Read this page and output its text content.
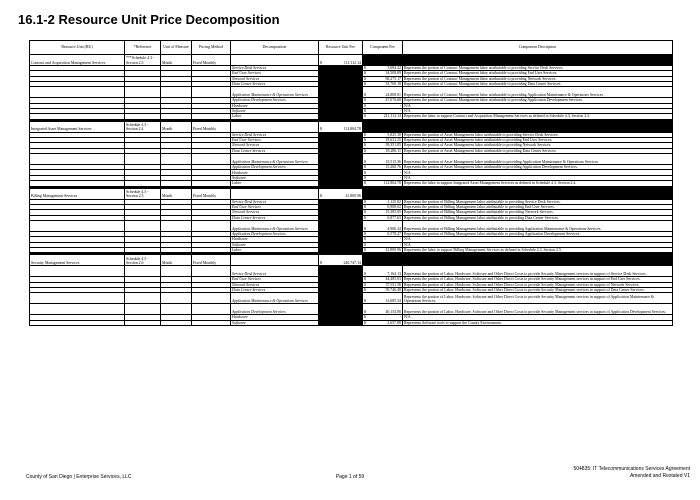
16.1-2 Resource Unit Price Decomposition
Resource Unit (RU)	*Reference	Unit of Measure	Pricing Method	Decomposition	Resource Unit Fee	Component Fee	Component Description
Contract and Acquisition Management Services	***Schedule 4.3 - Section 2.3	Month	Fixed Monthly		$ 111,112.14		

				Service Desk Services		$ 5,684.42	Represents the portion of Contract Management labor attributable to providing Service Desk Services.
				End User Services		$ 34,508.89	Represents the portion of Contract Management labor attributable to providing End User Services.
				Network Services		$ 68,275.17	Represents the portion of Contract Management labor attributable to providing Network Services.
				Data Center Services		$ 33,760.18	Represents the portion of Contract Management labor attributable to providing Data Center Services.
				Application Maintenance & Operations Services		$ 24,808.81	Represents the portion of Contract Management labor attributable to providing Application Maintenance & Operations Services.
				Application Development Services		$ 47,076.68	Represents the portion of Contract Management labor attributable to providing Application Development Services.
				Hardware		$ -	N/A
				Software		$ -	N/A
				Labor		$ 211,112.14	Represents the labor to support Contract and Acquisition Management Services as defined in Schedule 4.3, Section 2.3.

Integrated Asset Management Services	Schedule 4.3 - Section 2.4	Month	Fixed Monthly		$ 112,804.78		

				Service Desk Services		$ 5,825.30	Represents the portion of Asset Management labor attributable to providing Service Desk Services.
				End User Services		$ 18,631.25	Represents the portion of Asset Management labor attributable to providing End User Services.
				Network Services		$ 39,351.85	Represents the portion of Asset Management labor attributable to providing Network Services.
				Data Center Services		$ 18,286.11	Represents the portion of Asset Management labor attributable to providing Data Center Services.
				Application Maintenance & Operations Services		$ 15,515.36	Represents the portion of Asset Management labor attributable to providing Application Maintenance & Operations Services.
				Application Development Services		$ 15,260.76	Represents the portion of Asset Management labor attributable to providing Application Development Services.
				Hardware		$ -	N/A
				Software		$ -	N/A
				Labor		$ 112,804.78	Represents the labor to support Integrated Asset Management Services as defined in Schedule 4.3, Section 2.4.

Billing Management Services	Schedule 4.3 - Section 2.5	Month	Fixed Monthly		$ 41,800.96		

				Service Desk Services		$ 1,125.02	Represents the portion of Billing Management labor attributable to providing Service Desk Services.
				End User Services		$ 6,908.02	Represents the portion of Billing Management labor attributable to providing End User Services.
				Network Services		$ 15,385.05	Represents the portion of Billing Management labor attributable to providing Network Services.
				Data Center Services		$ 6,877.63	Represents the portion of Billing Management labor attributable to providing Data Center Services.
				Application Maintenance & Operations Services		$ 4,906.34	Represents the portion of Billing Management labor attributable to providing Application Maintenance & Operations Services.
				Application Development Services		$ 6,578.27	Represents the portion of Billing Management labor attributable to providing Application Development Services.
				Hardware		$ -	N/A
				Software		$ -	N/A
				Labor		$ 41,800.96	Represents the labor to support Billing Management Services as defined in Schedule 4.3, Section 2.5.

Security Management Services	Schedule 4.3 - Section 2.6	Month	Fixed Monthly		$ 240,747.14		

				Service Desk Services		$ 7,164.13	Represents the portion of Labor, Hardware, Software and Other Direct Costs to provide Security Management services in support of Service Desk Services.
				End User Services		$ 44,485.03	Represents the portion of Labor, Hardware, Software and Other Direct Costs to provide Security Management services in support of End User Services.
				Network Services		$ 57,911.36	Represents the portion of Labor, Hardware, Software and Other Direct Costs to provide Security Management services in support of Network Services.
				Data Center Services		$ 59,746.48	Represents the portion of Labor, Hardware, Software and Other Direct Costs to provide Security Management services in support of Data Center Services.
				Application Maintenance & Operations Services		$ 31,685.34	Represents the portion of Labor, Hardware, Software and Other Direct Costs to provide Security Management services in support of Application Maintenance & Operations Services.
				Application Development Services		$ 40,154.80	Represents the portion of Labor, Hardware, Software and Other Direct Costs to provide Security Management services in support of Application Development Services.
				Hardware		$ -	N/A
				Software		$ 2,657.88	Represents Software tools to support the County Environment.
County of San Diego | Enterprise Services, LLC	Page 1 of 59
504835: IT Telecommunications Services Agreement
Amended and Restated V1
